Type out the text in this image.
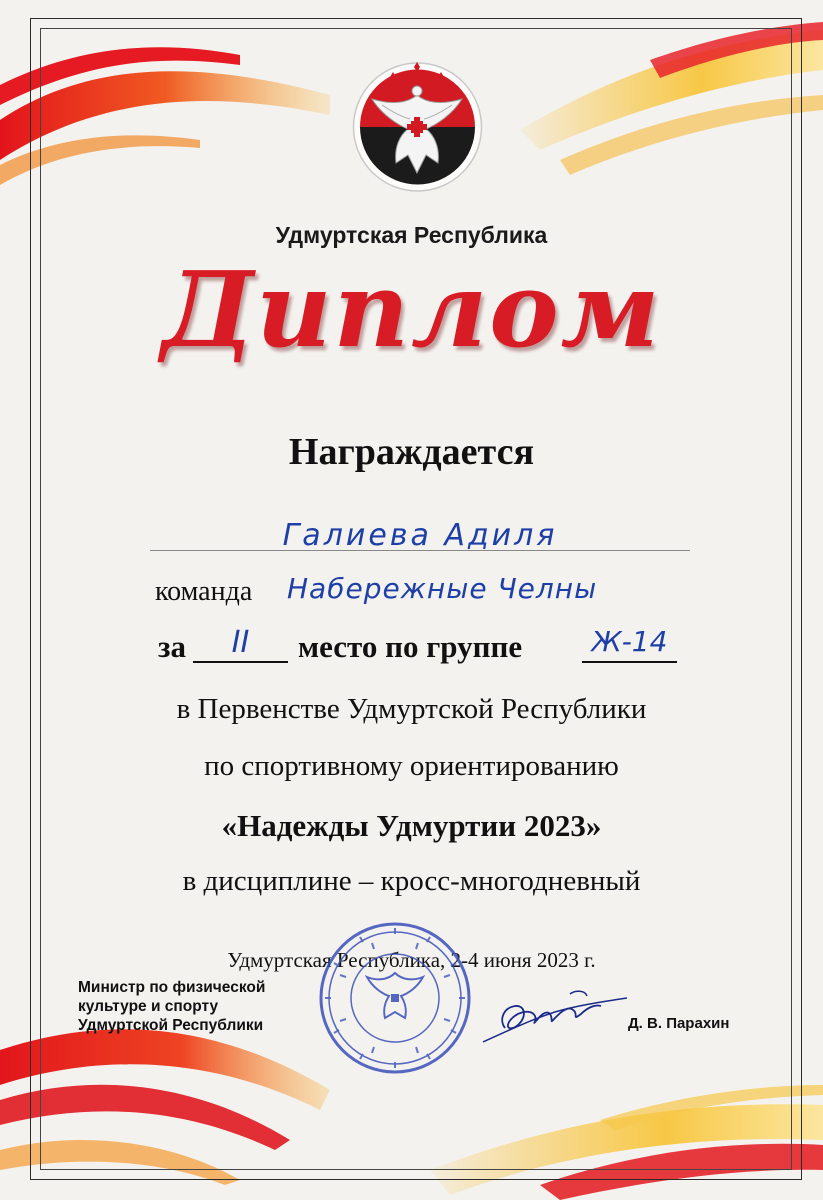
Удмуртская Республика
Диплом
Награждается
Галиева Адиля
команда Набережные Челны
за	II	место по группе	Ж-14
в Первенстве Удмуртской Республики
по спортивному ориентированию
«Надежды Удмуртии 2023»
в дисциплине – кросс-многодневный
Удмуртская Республика, 2-4 июня 2023 г.
Министр по физической
культуре и спорту
Удмуртской Республики	Д. В. Парахин
